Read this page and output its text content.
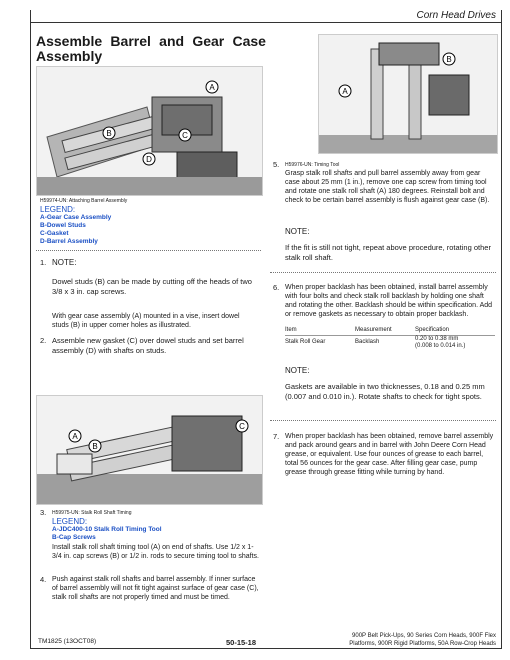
Corn Head Drives
Assemble Barrel and Gear Case
Assembly
A
B	C
D
H59974-UN: Attaching Barrel Assembly
LEGEND:
A-Gear Case Assembly
B-Dowel Studs
C-Gasket
D-Barrel Assembly
1. NOTE:
Dowel studs (B) can be made by cutting off the heads of two 3/8 x 3 in. cap screws.
With gear case assembly (A) mounted in a vise, insert dowel studs (B) in upper corner holes as illustrated.
2. Assemble new gasket (C) over dowel studs and set barrel assembly (D) with shafts on studs.
A
B
C
3. H59975-UN: Stalk Roll Shaft Timing
LEGEND:
A-JDC400-10 Stalk Roll Timing Tool
B-Cap Screws
Install stalk roll shaft timing tool (A) on end of shafts. Use 1/2 x 1-3/4 in. cap screws (B) or 1/2 in. rods to secure timing tool to shafts.
4. Push against stalk roll shafts and barrel assembly. If inner surface of barrel assembly will not fit tight against surface of gear case (C), stalk roll shafts are not properly timed and must be timed.
A
B
5. H59976-UN: Timing Tool
Grasp stalk roll shafts and pull barrel assembly away from gear case about 25 mm (1 in.), remove one cap screw from timing tool and rotate one stalk roll shaft (A) 180 degrees. Reinstall bolt and check to be certain barrel assembly is flush against gear case (B).
NOTE:
If the fit is still not tight, repeat above procedure, rotating other stalk roll shaft.
6. When proper backlash has been obtained, install barrel assembly with four bolts and check stalk roll backlash by holding one shaft and rotating the other. Backlash should be within specification. Add or remove gaskets as necessary to obtain proper backlash.
Item	Measurement	Specification
Stalk Roll Gear	Backlash	0.20 to 0.38 mm
(0.008 to 0.014 in.)
NOTE:
Gaskets are available in two thicknesses, 0.18 and 0.25 mm (0.007 and 0.010 in.). Rotate shafts to check for tight spots.
7. When proper backlash has been obtained, remove barrel assembly and pack around gears and in barrel with John Deere Corn Head grease, or equivalent. Use four ounces of grease to each barrel, total 56 ounces for the gear case. After filling gear case, pump grease through grease fitting while turning by hand.
TM1825 (13OCT08)	50-15-18
900P Belt Pick-Ups, 90 Series Corn Heads, 900F Flex
Platforms, 900R Rigid Platforms, 50A Row-Crop Heads
